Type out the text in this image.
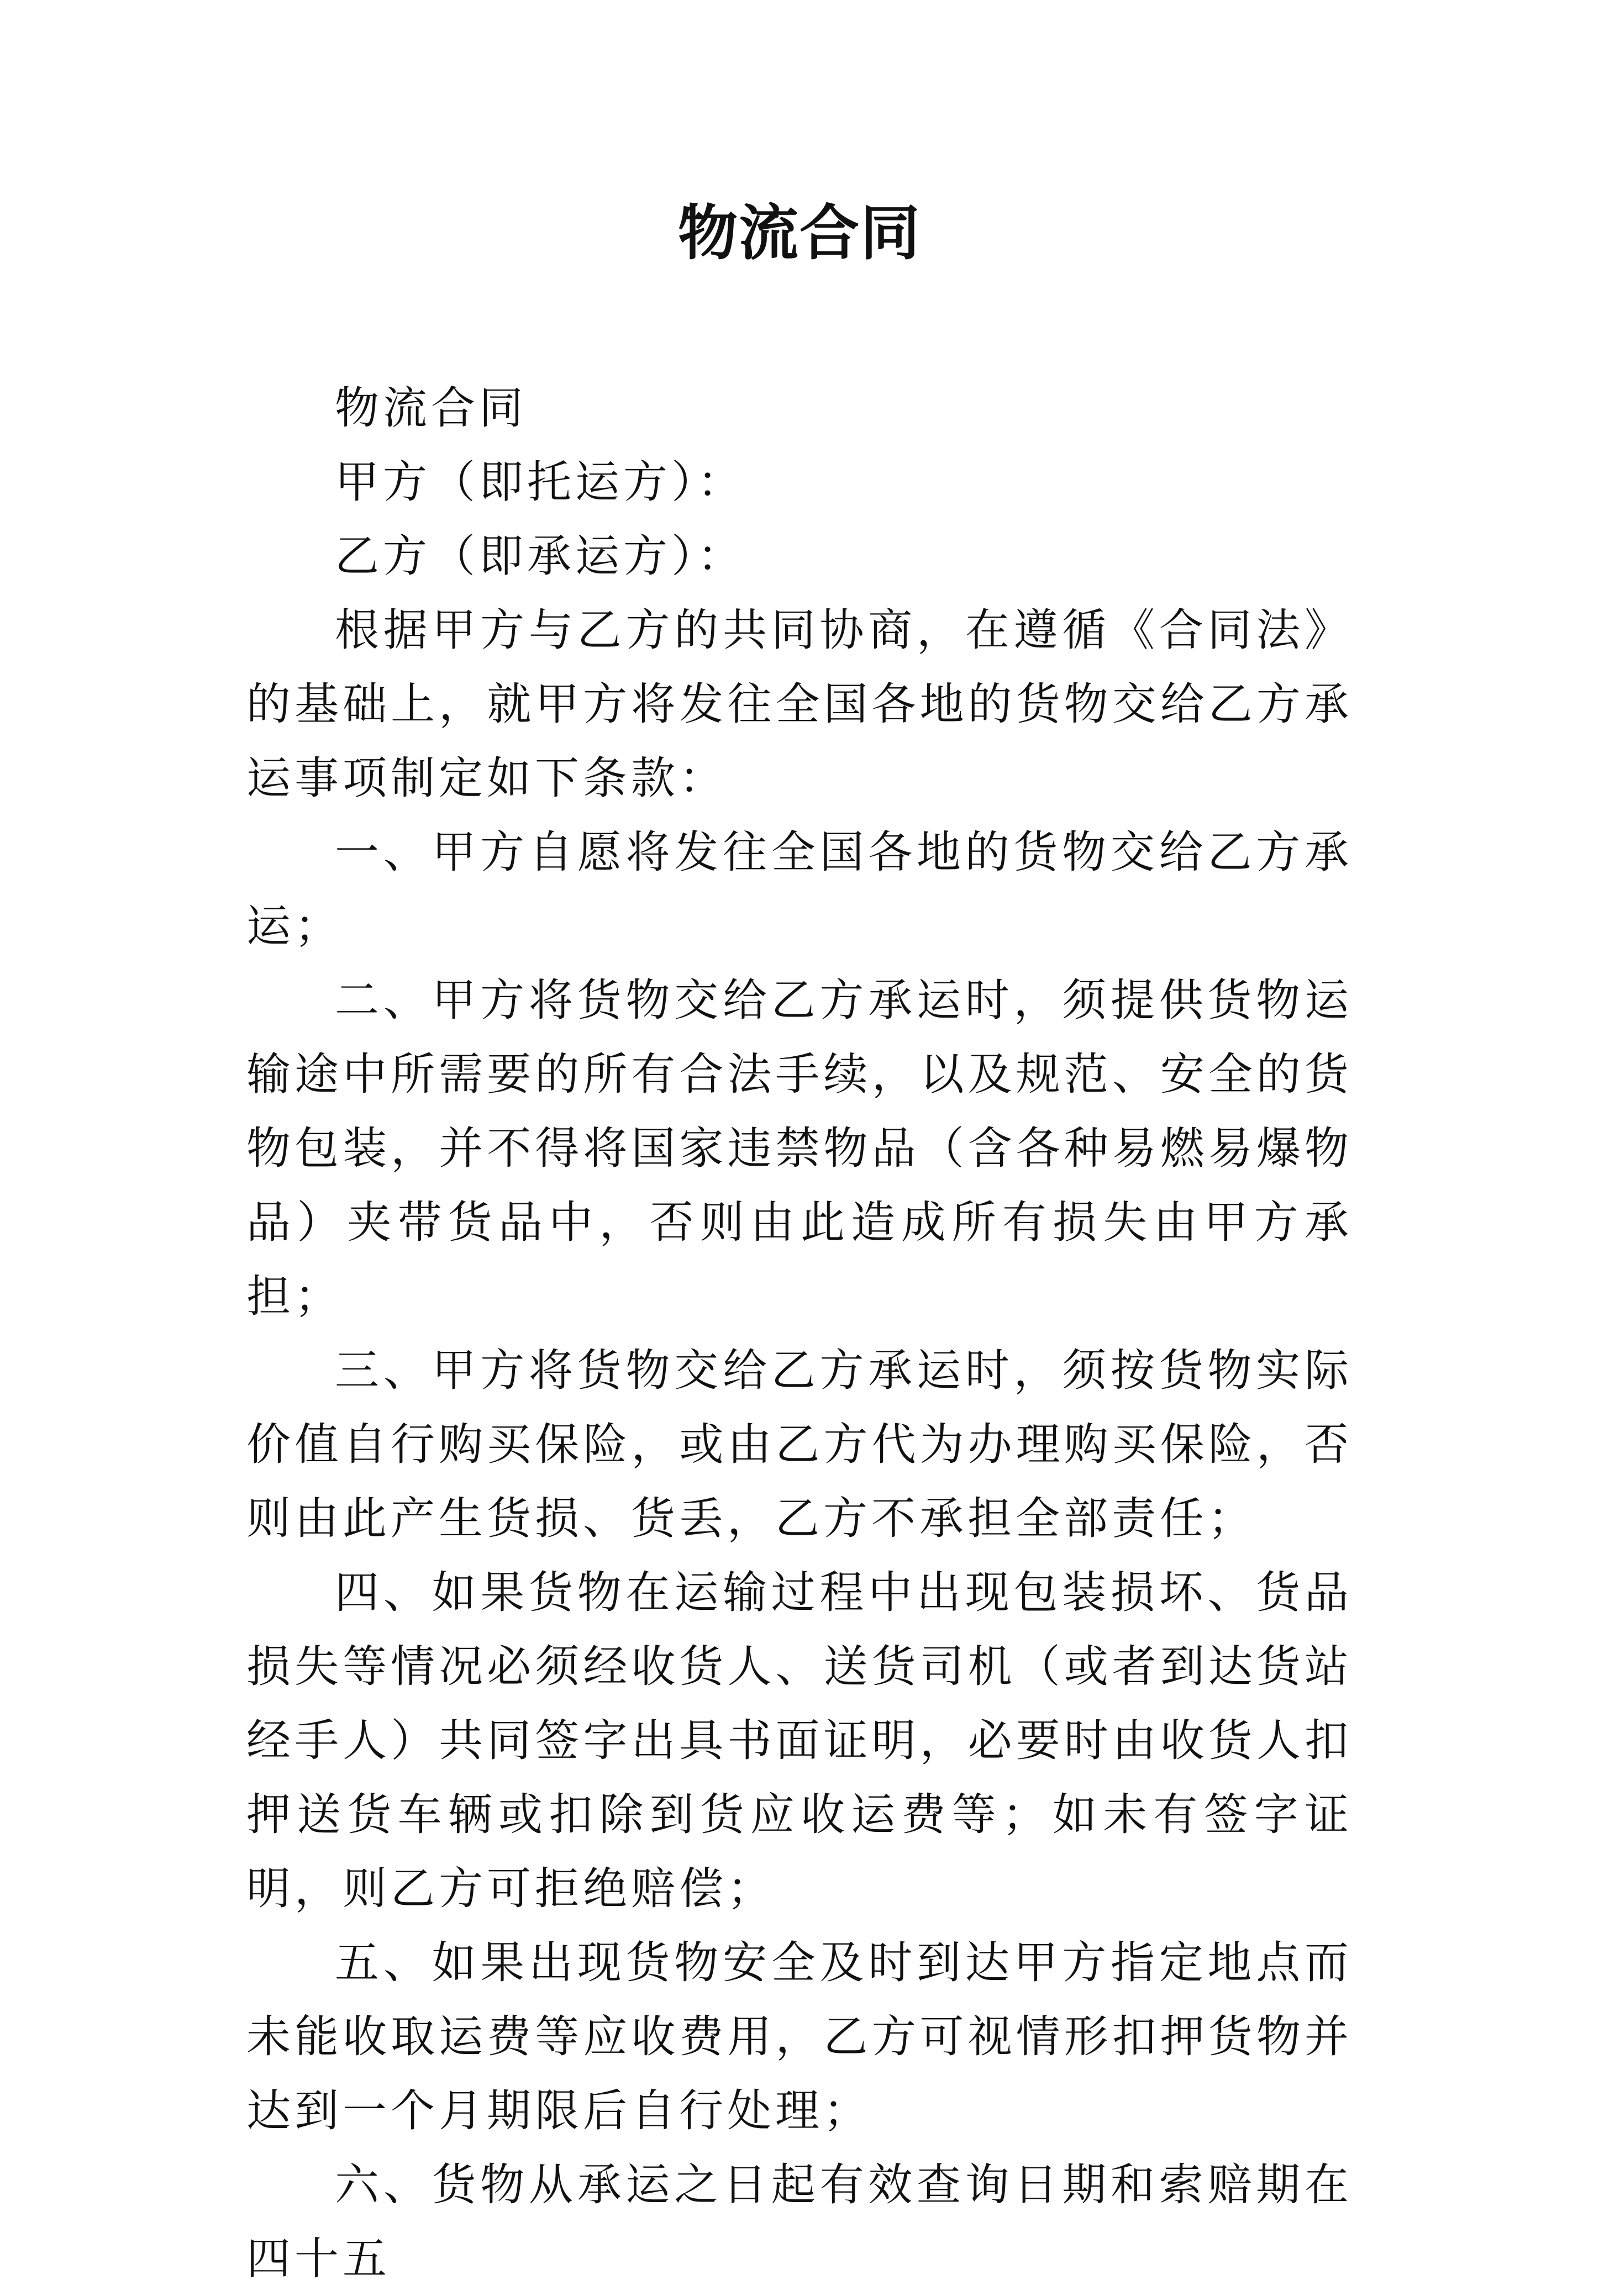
物流合同

物流合同

甲方（即托运方）：

乙方（即承运方）：

根据甲方与乙方的共同协商，在遵循《合同法》的基础上，就甲方将发往全国各地的货物交给乙方承运事项制定如下条款：

一、甲方自愿将发往全国各地的货物交给乙方承运；

二、甲方将货物交给乙方承运时，须提供货物运输途中所需要的所有合法手续，以及规范、安全的货物包装，并不得将国家违禁物品（含各种易燃易爆物品）夹带货品中，否则由此造成所有损失由甲方承担；

三、甲方将货物交给乙方承运时，须按货物实际价值自行购买保险，或由乙方代为办理购买保险，否则由此产生货损、货丢，乙方不承担全部责任；

四、如果货物在运输过程中出现包装损坏、货品损失等情况必须经收货人、送货司机（或者到达货站经手人）共同签字出具书面证明，必要时由收货人扣押送货车辆或扣除到货应收运费等；如未有签字证明，则乙方可拒绝赔偿；

五、如果出现货物安全及时到达甲方指定地点而未能收取运费等应收费用，乙方可视情形扣押货物并达到一个月期限后自行处理；

六、货物从承运之日起有效查询日期和索赔期在四十五
